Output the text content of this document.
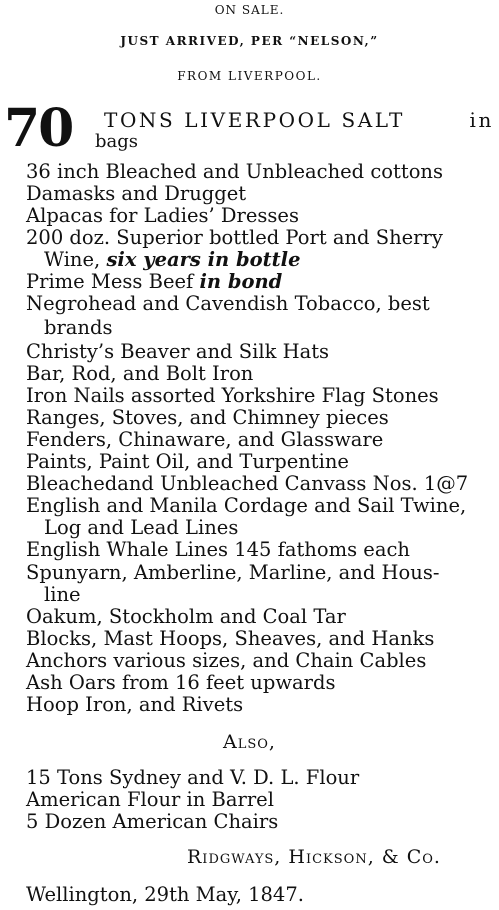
ON SALE.
JUST ARRIVED, PER “NELSON,”
FROM LIVERPOOL.
70 TONS LIVERPOOL SALT	in
bags
36 inch Bleached and Unbleached cottons
Damasks and Drugget
Alpacas for Ladies’ Dresses
200 doz. Superior bottled Port and Sherry
Wine, six years in bottle
Prime Mess Beef in bond
Negrohead and Cavendish Tobacco, best
brands
Christy’s Beaver and Silk Hats
Bar, Rod, and Bolt Iron
Iron Nails assorted Yorkshire Flag Stones
Ranges, Stoves, and Chimney pieces
Fenders, Chinaware, and Glassware
Paints, Paint Oil, and Turpentine
Bleachedand Unbleached Canvass Nos. 1@7
English and Manila Cordage and Sail Twine,
Log and Lead Lines
English Whale Lines 145 fathoms each
Spunyarn, Amberline, Marline, and Hous-
line
Oakum, Stockholm and Coal Tar
Blocks, Mast Hoops, Sheaves, and Hanks
Anchors various sizes, and Chain Cables
Ash Oars from 16 feet upwards
Hoop Iron, and Rivets
Also,
15 Tons Sydney and V. D. L. Flour
American Flour in Barrel
5 Dozen American Chairs
Ridgways, Hickson, & Co.
Wellington, 29th May, 1847.
